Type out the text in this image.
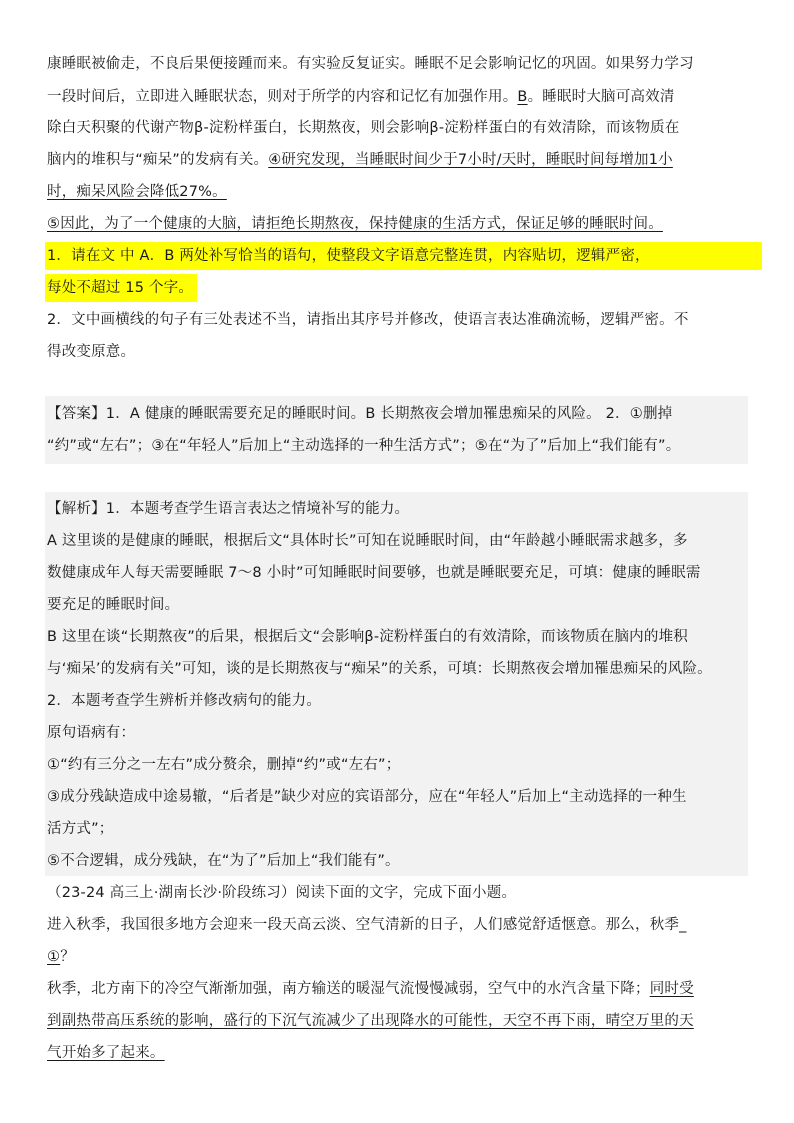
康睡眠被偷走，不良后果便接踵而来。有实验反复证实。睡眠不足会影响记忆的巩固。如果努力学习
一段时间后，立即进入睡眠状态，则对于所学的内容和记忆有加强作用。B。睡眠时大脑可高效清
除白天积聚的代谢产物β-淀粉样蛋白，长期熬夜，则会影响β-淀粉样蛋白的有效清除，而该物质在
脑内的堆积与“痴呆”的发病有关。④研究发现，当睡眠时间少于7小时/天时，睡眠时间每增加1小
时，痴呆风险会降低27%。
⑤因此，为了一个健康的大脑，请拒绝长期熬夜，保持健康的生活方式，保证足够的睡眠时间。
1．请在文 中 A．B 两处补写恰当的语句，使整段文字语意完整连贯，内容贴切，逻辑严密，
每处不超过 15 个字。
2．文中画横线的句子有三处表述不当，请指出其序号并修改，使语言表达准确流畅，逻辑严密。不
得改变原意。
【答案】1．A 健康的睡眠需要充足的睡眠时间。B 长期熬夜会增加罹患痴呆的风险。 2．①删掉
“约”或“左右”；③在“年轻人”后加上“主动选择的一种生活方式”；⑤在“为了”后加上“我们能有”。
【解析】1．本题考查学生语言表达之情境补写的能力。
A 这里谈的是健康的睡眠，根据后文“具体时长”可知在说睡眠时间，由“年龄越小睡眠需求越多，多
数健康成年人每天需要睡眠 7～8 小时”可知睡眠时间要够，也就是睡眠要充足，可填：健康的睡眠需
要充足的睡眠时间。
B 这里在谈“长期熬夜”的后果，根据后文“会影响β-淀粉样蛋白的有效清除，而该物质在脑内的堆积
与‘痴呆’的发病有关”可知，谈的是长期熬夜与“痴呆”的关系，可填：长期熬夜会增加罹患痴呆的风险。
2．本题考查学生辨析并修改病句的能力。
原句语病有：
①“约有三分之一左右”成分赘余，删掉“约”或“左右”；
③成分残缺造成中途易辙，“后者是”缺少对应的宾语部分，应在“年轻人”后加上“主动选择的一种生
活方式”；
⑤不合逻辑，成分残缺，在“为了”后加上“我们能有”。
（23-24 高三上·湖南长沙·阶段练习）阅读下面的文字，完成下面小题。
进入秋季，我国很多地方会迎来一段天高云淡、空气清新的日子，人们感觉舒适惬意。那么，秋季_
①？
秋季，北方南下的冷空气渐渐加强，南方输送的暖湿气流慢慢减弱，空气中的水汽含量下降；同时受
到副热带高压系统的影响，盛行的下沉气流减少了出现降水的可能性，天空不再下雨，晴空万里的天
气开始多了起来。
